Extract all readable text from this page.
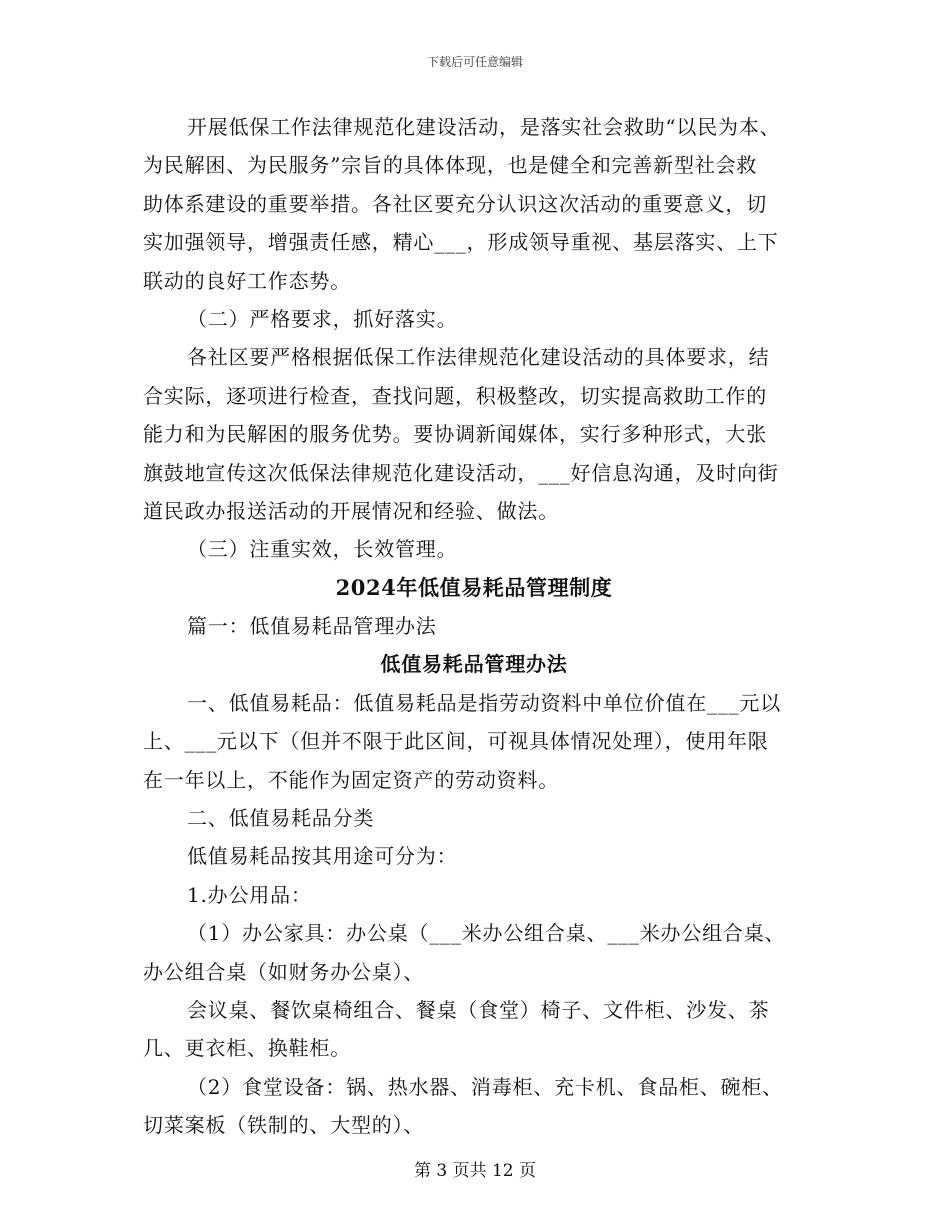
下载后可任意编辑
开展低保工作法律规范化建设活动，是落实社会救助“以民为本、
为民解困、为民服务”宗旨的具体体现，也是健全和完善新型社会救
助体系建设的重要举措。各社区要充分认识这次活动的重要意义，切
实加强领导，增强责任感，精心___，形成领导重视、基层落实、上下
联动的良好工作态势。
（二）严格要求，抓好落实。
各社区要严格根据低保工作法律规范化建设活动的具体要求，结
合实际，逐项进行检查，查找问题，积极整改，切实提高救助工作的
能力和为民解困的服务优势。要协调新闻媒体，实行多种形式，大张
旗鼓地宣传这次低保法律规范化建设活动，___好信息沟通，及时向街
道民政办报送活动的开展情况和经验、做法。
（三）注重实效，长效管理。
2024年低值易耗品管理制度
篇一：低值易耗品管理办法
低值易耗品管理办法
一、低值易耗品：低值易耗品是指劳动资料中单位价值在___元以
上、___元以下（但并不限于此区间，可视具体情况处理），使用年限
在一年以上，不能作为固定资产的劳动资料。
二、低值易耗品分类
低值易耗品按其用途可分为：
1.办公用品：
（1）办公家具：办公桌（___米办公组合桌、___米办公组合桌、
办公组合桌（如财务办公桌）、
会议桌、餐饮桌椅组合、餐桌（食堂）椅子、文件柜、沙发、茶
几、更衣柜、换鞋柜。
（2）食堂设备：锅、热水器、消毒柜、充卡机、食品柜、碗柜、
切菜案板（铁制的、大型的）、
第 3 页共 12 页
